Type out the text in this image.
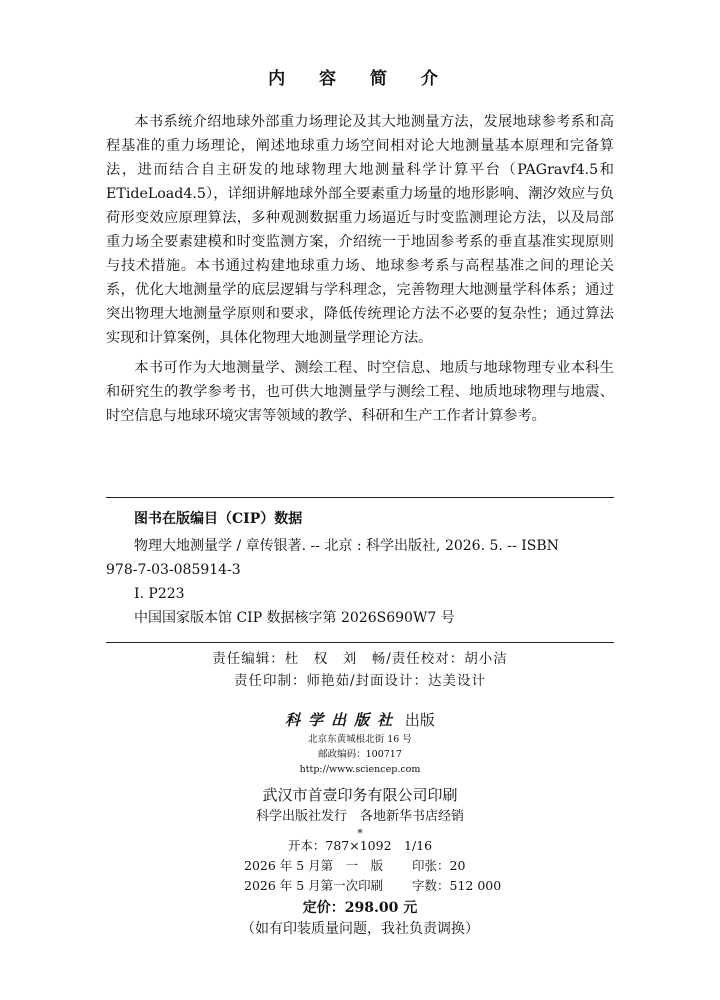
内 容 简 介

本书系统介绍地球外部重力场理论及其大地测量方法，发展地球参考系和高程基准的重力场理论，阐述地球重力场空间相对论大地测量基本原理和完备算法，进而结合自主研发的地球物理大地测量科学计算平台（PAGravf4.5和ETideLoad4.5），详细讲解地球外部全要素重力场量的地形影响、潮汐效应与负荷形变效应原理算法，多种观测数据重力场逼近与时变监测理论方法，以及局部重力场全要素建模和时变监测方案，介绍统一于地固参考系的垂直基准实现原则与技术措施。本书通过构建地球重力场、地球参考系与高程基准之间的理论关系，优化大地测量学的底层逻辑与学科理念，完善物理大地测量学科体系；通过突出物理大地测量学原则和要求，降低传统理论方法不必要的复杂性；通过算法实现和计算案例，具体化物理大地测量学理论方法。

本书可作为大地测量学、测绘工程、时空信息、地质与地球物理专业本科生和研究生的教学参考书，也可供大地测量学与测绘工程、地质地球物理与地震、时空信息与地球环境灾害等领域的教学、科研和生产工作者计算参考。

图书在版编目（CIP）数据
物理大地测量学 / 章传银著. -- 北京 : 科学出版社, 2026. 5. -- ISBN
978-7-03-085914-3
I. P223
中国国家版本馆 CIP 数据核字第 2026S690W7 号
责任编辑：杜　权　刘　畅/责任校对：胡小洁
责任印制：师艳茹/封面设计：达美设计
科学出版社 出版
北京东黄城根北街 16 号
邮政编码：100717
http://www.sciencep.com
武汉市首壹印务有限公司印刷
科学出版社发行　各地新华书店经销
*
开本：787×1092　1/16
2026 年 5 月第　一　版 印张：20
2026 年 5 月第一次印刷 字数：512 000
定价：298.00 元
（如有印装质量问题，我社负责调换）
